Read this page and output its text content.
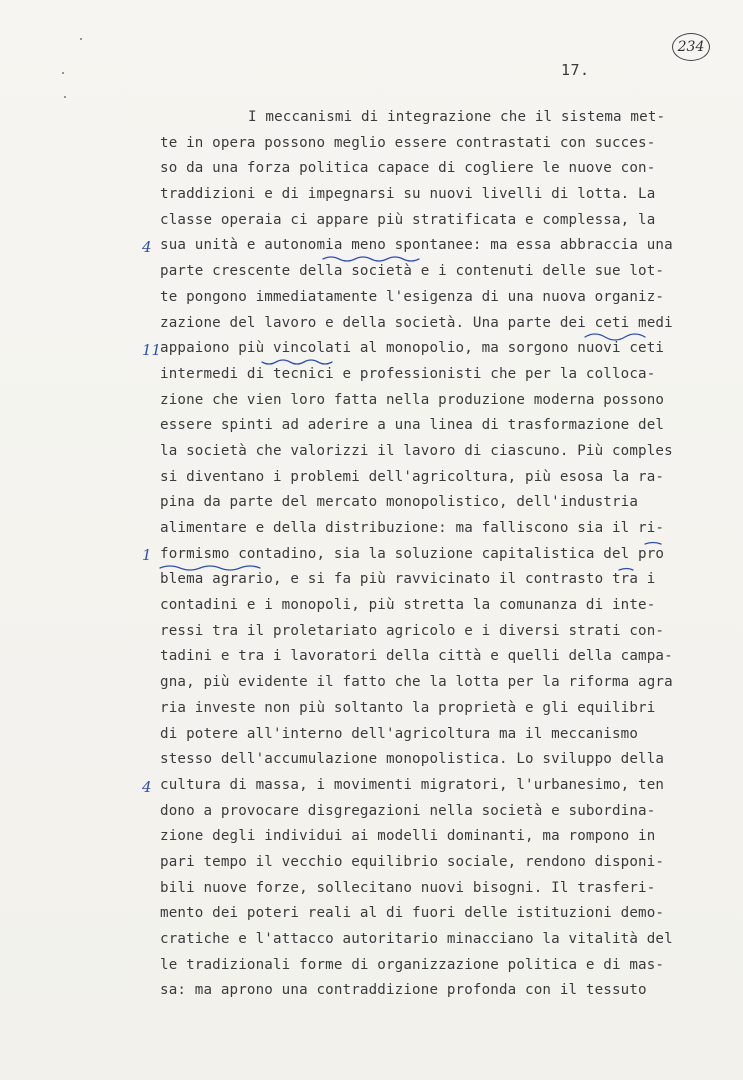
234
17.
4
11
1
4
I meccanismi di integrazione che il sistema met-
te in opera possono meglio essere contrastati con succes-
so da una forza politica capace di cogliere le nuove con-
traddizioni e di impegnarsi su nuovi livelli di lotta. La
classe operaia ci appare più stratificata e complessa, la
sua unità e autonomia meno spontanee: ma essa abbraccia una
parte crescente della società e i contenuti delle sue lot-
te pongono immediatamente l'esigenza di una nuova organiz-
zazione del lavoro e della società. Una parte dei ceti medi
appaiono più vincolati al monopolio, ma sorgono nuovi ceti
intermedi di tecnici e professionisti che per la colloca-
zione che vien loro fatta nella produzione moderna possono
essere spinti ad aderire a una linea di trasformazione del
la società che valorizzi il lavoro di ciascuno. Più comples
si diventano i problemi dell'agricoltura, più esosa la ra-
pina da parte del mercato monopolistico, dell'industria
alimentare e della distribuzione: ma falliscono sia il ri-
formismo contadino, sia la soluzione capitalistica del pro
blema agrario, e si fa più ravvicinato il contrasto tra i
contadini e i monopoli, più stretta la comunanza di inte-
ressi tra il proletariato agricolo e i diversi strati con-
tadini e tra i lavoratori della città e quelli della campa-
gna, più evidente il fatto che la lotta per la riforma agra
ria investe non più soltanto la proprietà e gli equilibri
di potere all'interno dell'agricoltura ma il meccanismo
stesso dell'accumulazione monopolistica. Lo sviluppo della
cultura di massa, i movimenti migratori, l'urbanesimo, ten
dono a provocare disgregazioni nella società e subordina-
zione degli individui ai modelli dominanti, ma rompono in
pari tempo il vecchio equilibrio sociale, rendono disponi-
bili nuove forze, sollecitano nuovi bisogni. Il trasferi-
mento dei poteri reali al di fuori delle istituzioni demo-
cratiche e l'attacco autoritario minacciano la vitalità del
le tradizionali forme di organizzazione politica e di mas-
sa: ma aprono una contraddizione profonda con il tessuto
